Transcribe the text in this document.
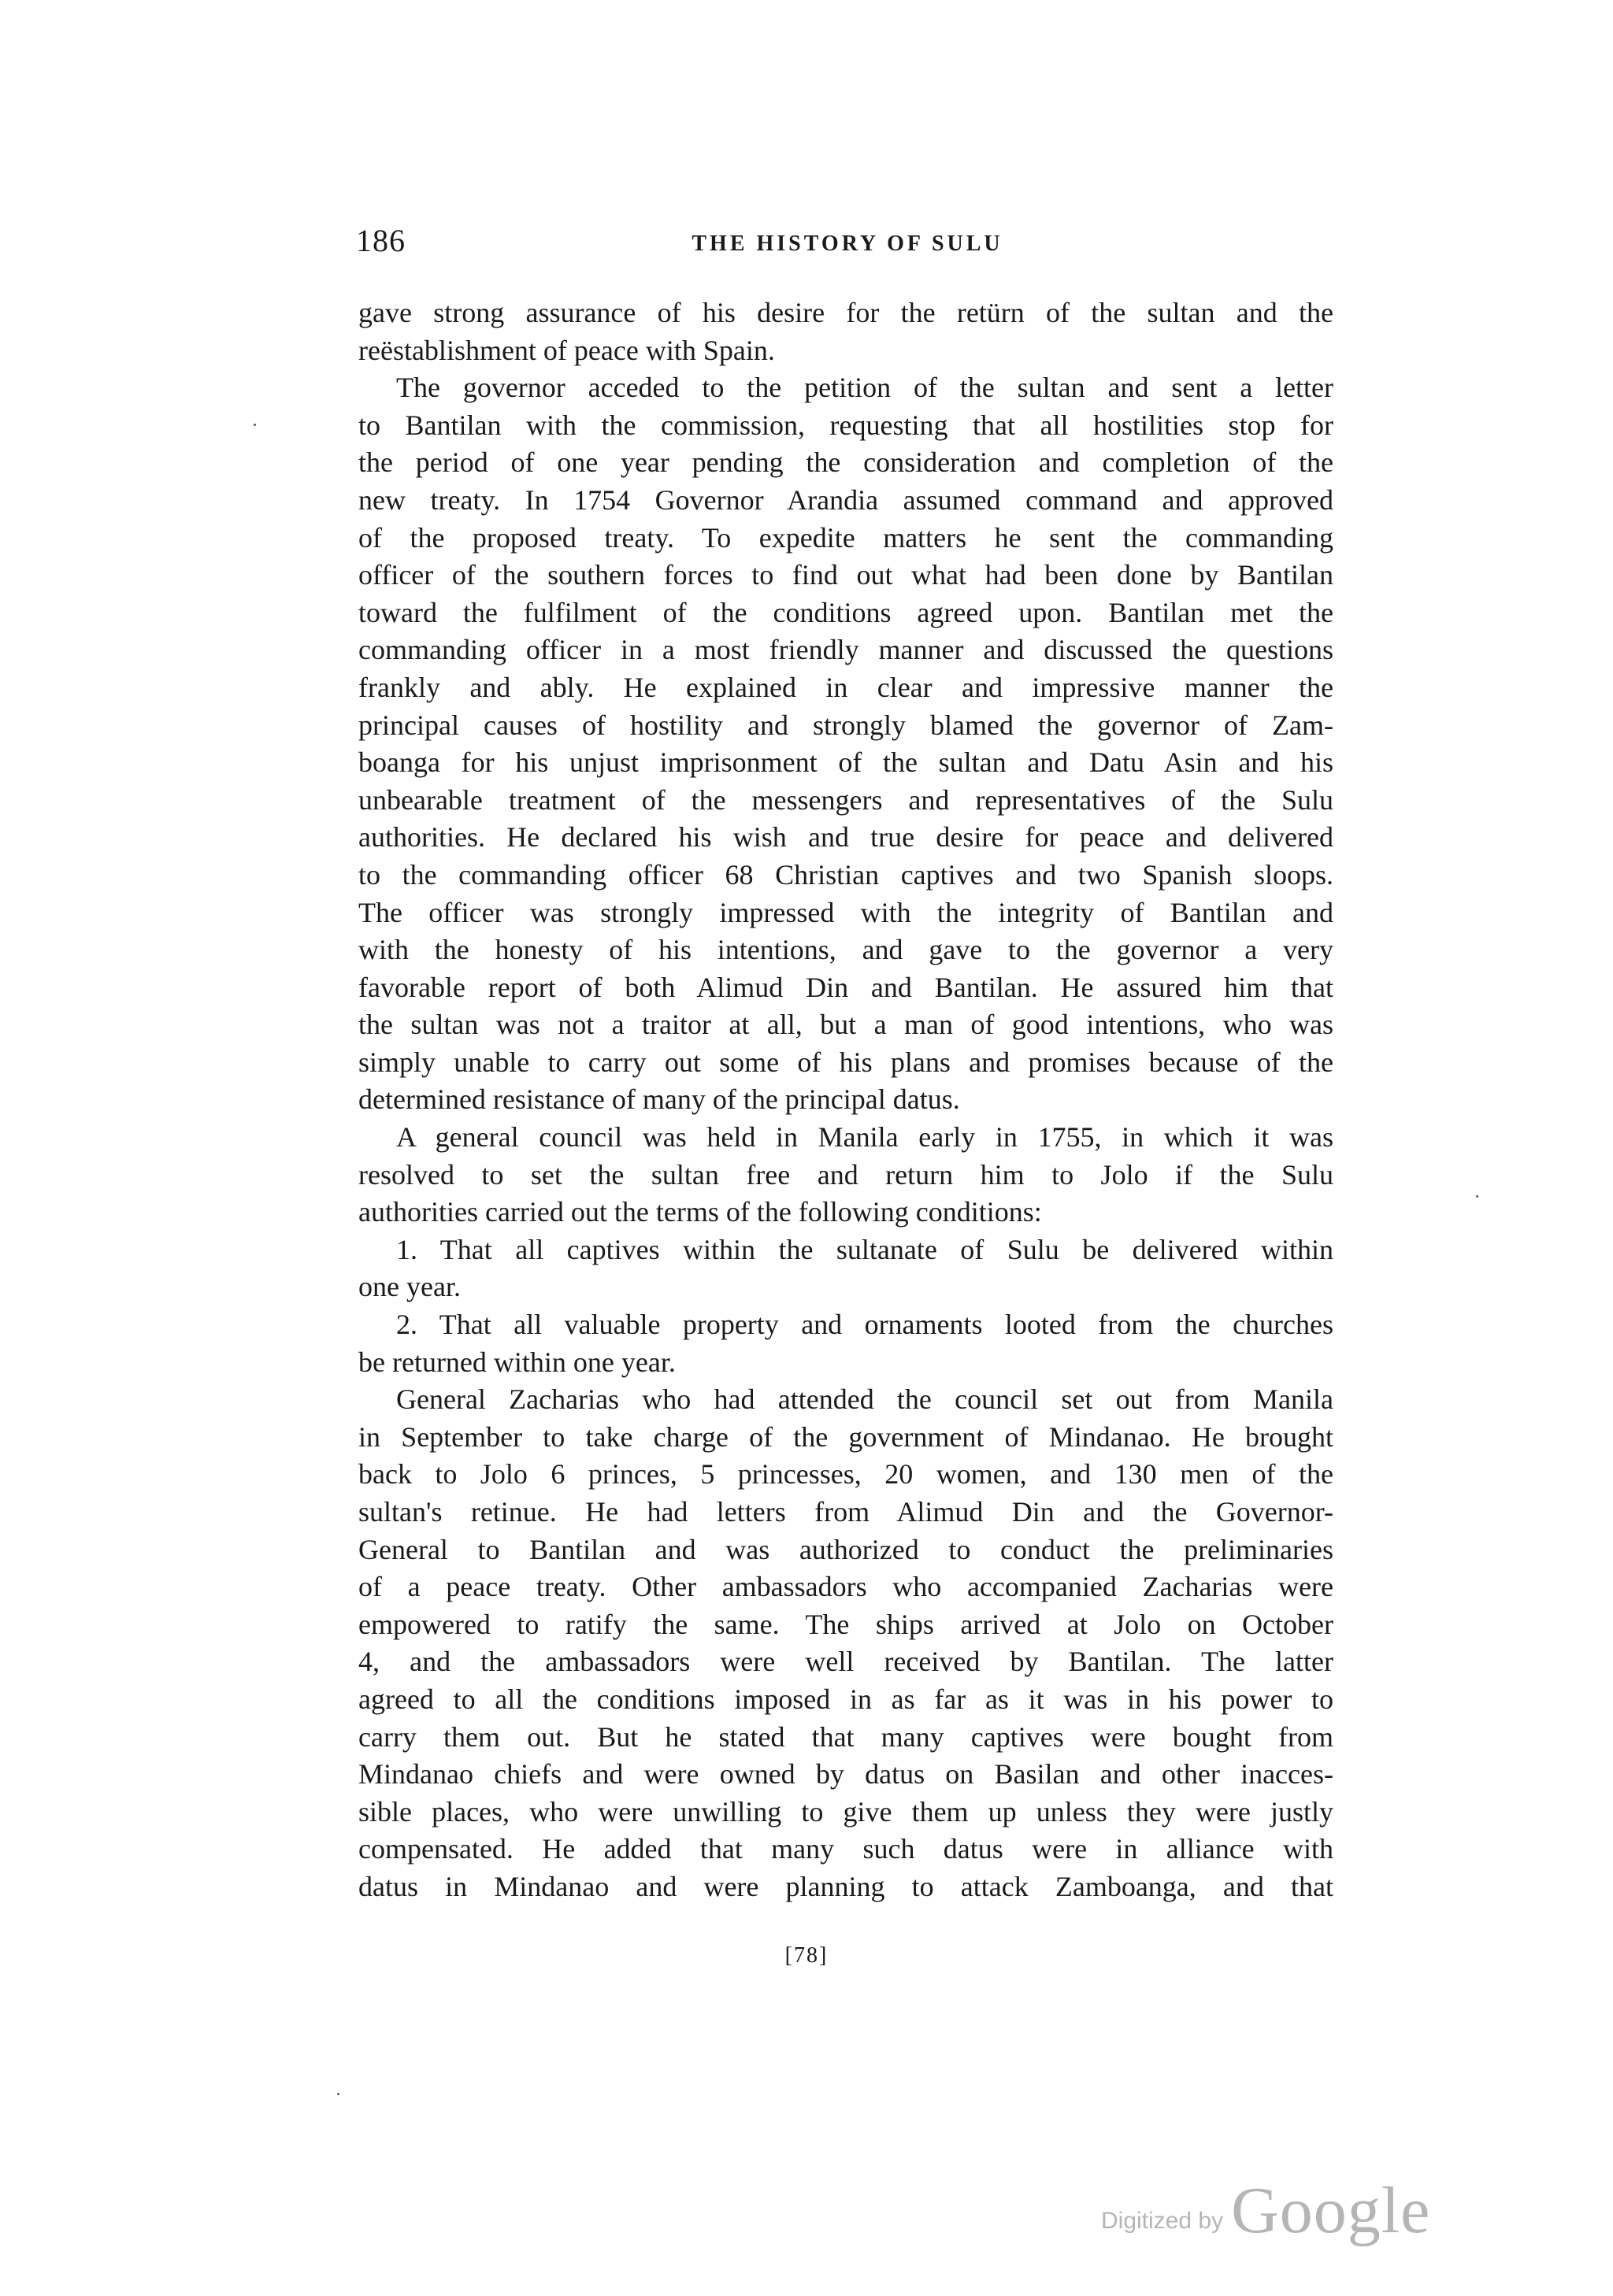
186	THE HISTORY OF SULU
gave strong assurance of his desire for the retürn of the sultan and the
reëstablishment of peace with Spain.
The governor acceded to the petition of the sultan and sent a letter
to Bantilan with the commission, requesting that all hostilities stop for
the period of one year pending the consideration and completion of the
new treaty. In 1754 Governor Arandia assumed command and approved
of the proposed treaty. To expedite matters he sent the commanding
officer of the southern forces to find out what had been done by Bantilan
toward the fulfilment of the conditions agreed upon. Bantilan met the
commanding officer in a most friendly manner and discussed the questions
frankly and ably. He explained in clear and impressive manner the
principal causes of hostility and strongly blamed the governor of Zam-
boanga for his unjust imprisonment of the sultan and Datu Asin and his
unbearable treatment of the messengers and representatives of the Sulu
authorities. He declared his wish and true desire for peace and delivered
to the commanding officer 68 Christian captives and two Spanish sloops.
The officer was strongly impressed with the integrity of Bantilan and
with the honesty of his intentions, and gave to the governor a very
favorable report of both Alimud Din and Bantilan. He assured him that
the sultan was not a traitor at all, but a man of good intentions, who was
simply unable to carry out some of his plans and promises because of the
determined resistance of many of the principal datus.
A general council was held in Manila early in 1755, in which it was
resolved to set the sultan free and return him to Jolo if the Sulu
authorities carried out the terms of the following conditions:
1. That all captives within the sultanate of Sulu be delivered within
one year.
2. That all valuable property and ornaments looted from the churches
be returned within one year.
General Zacharias who had attended the council set out from Manila
in September to take charge of the government of Mindanao. He brought
back to Jolo 6 princes, 5 princesses, 20 women, and 130 men of the
sultan's retinue. He had letters from Alimud Din and the Governor-
General to Bantilan and was authorized to conduct the preliminaries
of a peace treaty. Other ambassadors who accompanied Zacharias were
empowered to ratify the same. The ships arrived at Jolo on October
4, and the ambassadors were well received by Bantilan. The latter
agreed to all the conditions imposed in as far as it was in his power to
carry them out. But he stated that many captives were bought from
Mindanao chiefs and were owned by datus on Basilan and other inacces-
sible places, who were unwilling to give them up unless they were justly
compensated. He added that many such datus were in alliance with
datus in Mindanao and were planning to attack Zamboanga, and that
[78]
Digitized by Google
